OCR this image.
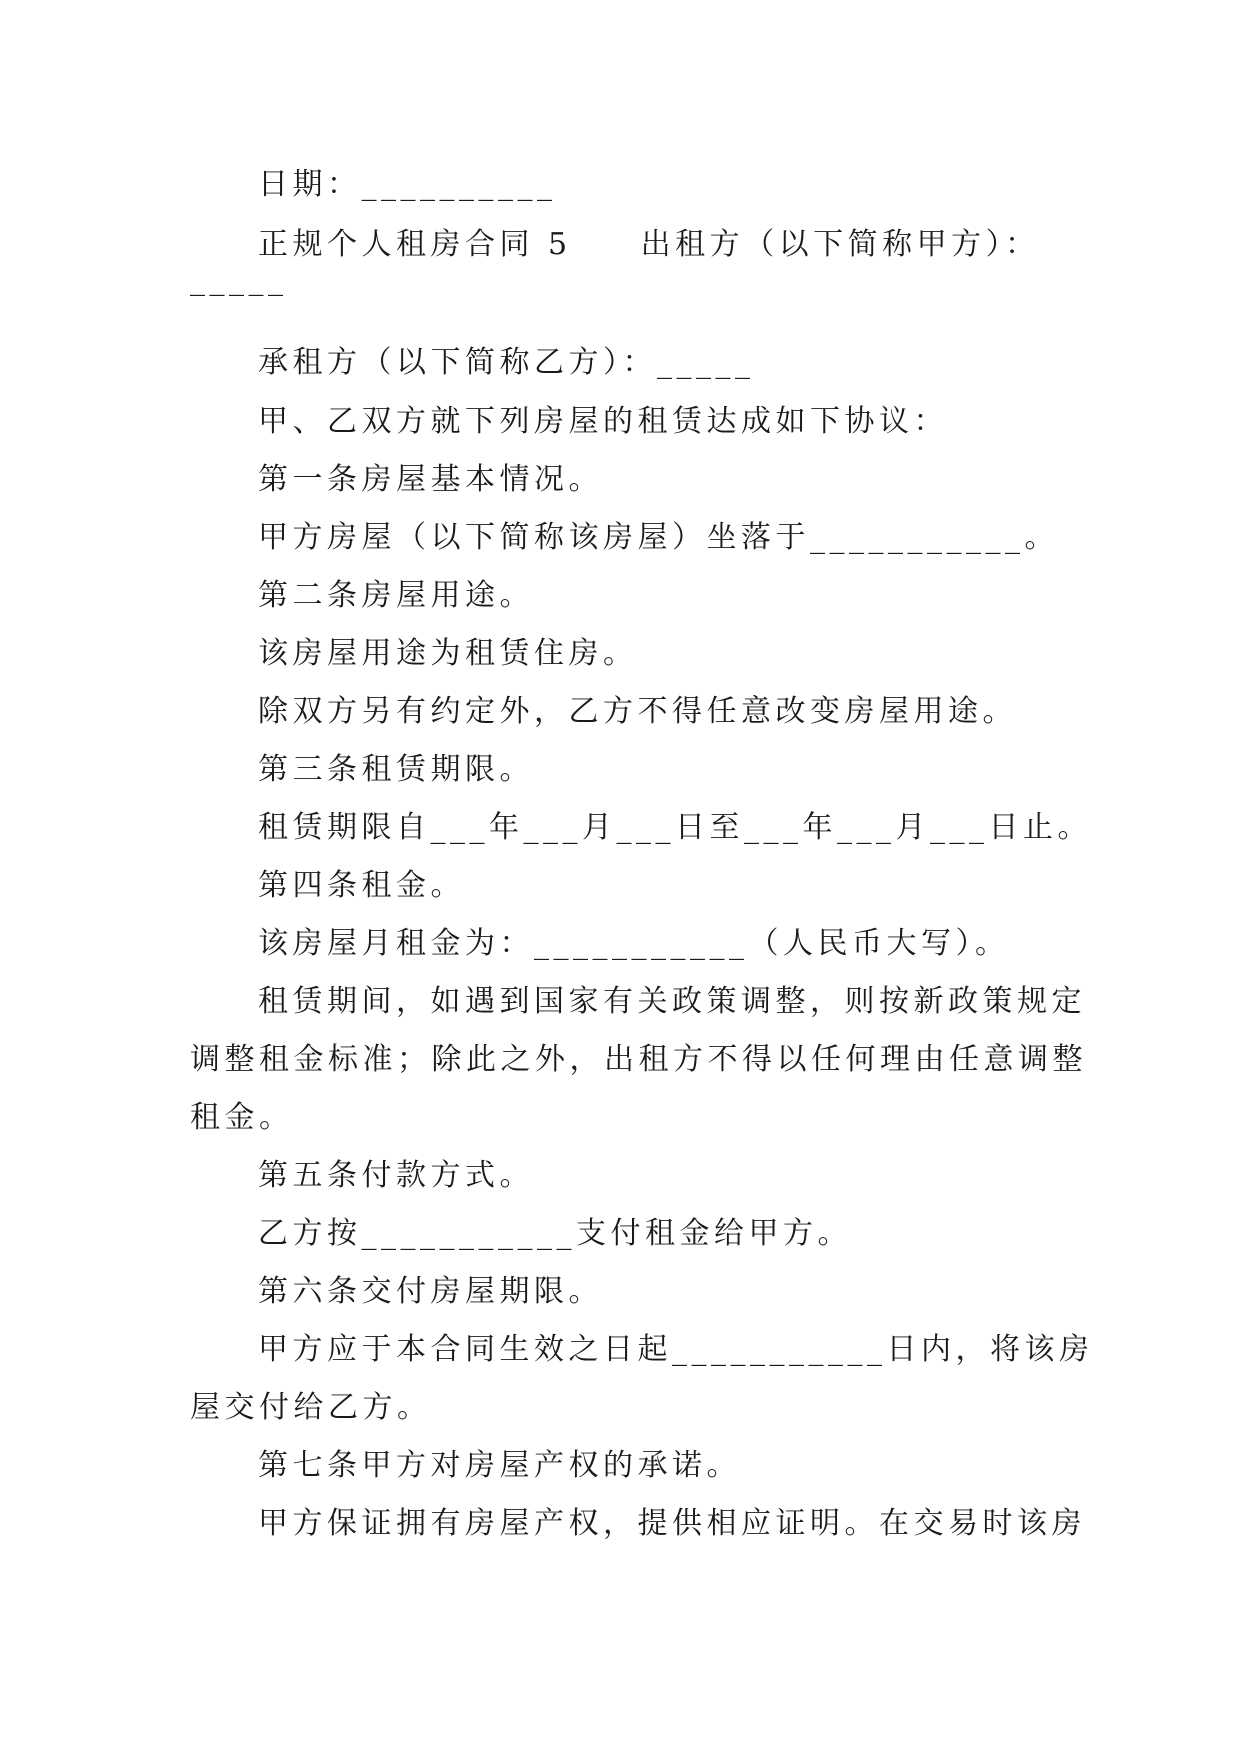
日期：__________

正规个人租房合同 5　　出租方（以下简称甲方）：

_____

承租方（以下简称乙方）：_____

甲、乙双方就下列房屋的租赁达成如下协议：

第一条房屋基本情况。

甲方房屋（以下简称该房屋）坐落于___________。

第二条房屋用途。

该房屋用途为租赁住房。

除双方另有约定外，乙方不得任意改变房屋用途。

第三条租赁期限。

租赁期限自___年___月___日至___年___月___日止。

第四条租金。

该房屋月租金为：___________（人民币大写）。

租赁期间，如遇到国家有关政策调整，则按新政策规定

调整租金标准；除此之外，出租方不得以任何理由任意调整

租金。

第五条付款方式。

乙方按___________支付租金给甲方。

第六条交付房屋期限。

甲方应于本合同生效之日起___________日内，将该房

屋交付给乙方。

第七条甲方对房屋产权的承诺。

甲方保证拥有房屋产权，提供相应证明。在交易时该房
